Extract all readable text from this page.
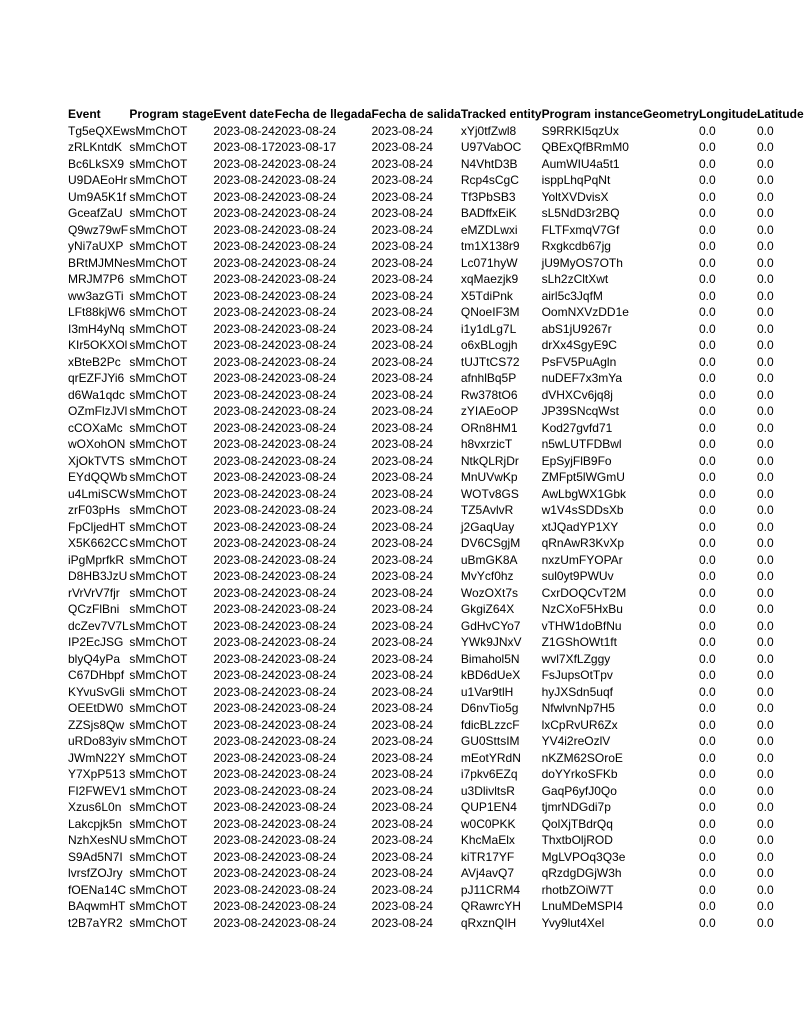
Event	Program stage	Event date	Fecha de llegada	Fecha de salida	Tracked entity	Program instance	Geometry	Longitude	Latitude
Tg5eQXEw	sMmChOT	2023-08-24	2023-08-24	2023-08-24	xYj0tfZwl8	S9RRKI5qzUx		0.0	0.0
zRLKntdK	sMmChOT	2023-08-17	2023-08-17	2023-08-24	U97VabOC	QBExQfBRmM0		0.0	0.0
Bc6LkSX9	sMmChOT	2023-08-24	2023-08-24	2023-08-24	N4VhtD3B	AumWIU4a5t1		0.0	0.0
U9DAEoHr	sMmChOT	2023-08-24	2023-08-24	2023-08-24	Rcp4sCgC	isppLhqPqNt		0.0	0.0
Um9A5K1f	sMmChOT	2023-08-24	2023-08-24	2023-08-24	Tf3PbSB3	YoltXVDvisX		0.0	0.0
GceafZaU	sMmChOT	2023-08-24	2023-08-24	2023-08-24	BADffxEiK	sL5NdD3r2BQ		0.0	0.0
Q9wz79wF	sMmChOT	2023-08-24	2023-08-24	2023-08-24	eMZDLwxi	FLTFxmqV7Gf		0.0	0.0
yNi7aUXP	sMmChOT	2023-08-24	2023-08-24	2023-08-24	tm1X138r9	Rxgkcdb67jg		0.0	0.0
BRtMJMNe	sMmChOT	2023-08-24	2023-08-24	2023-08-24	Lc071hyW	jU9MyOS7OTh		0.0	0.0
MRJM7P6	sMmChOT	2023-08-24	2023-08-24	2023-08-24	xqMaezjk9	sLh2zCltXwt		0.0	0.0
ww3azGTi	sMmChOT	2023-08-24	2023-08-24	2023-08-24	X5TdiPnk	airl5c3JqfM		0.0	0.0
LFt88kjW6	sMmChOT	2023-08-24	2023-08-24	2023-08-24	QNoeIF3M	OomNXVzDD1e		0.0	0.0
I3mH4yNq	sMmChOT	2023-08-24	2023-08-24	2023-08-24	i1y1dLg7L	abS1jU9267r		0.0	0.0
KIr5OKXOl	sMmChOT	2023-08-24	2023-08-24	2023-08-24	o6xBLogjh	drXx4SgyE9C		0.0	0.0
xBteB2Pc	sMmChOT	2023-08-24	2023-08-24	2023-08-24	tUJTtCS72	PsFV5PuAgln		0.0	0.0
qrEZFJYi6	sMmChOT	2023-08-24	2023-08-24	2023-08-24	afnhlBq5P	nuDEF7x3mYa		0.0	0.0
d6Wa1qdc	sMmChOT	2023-08-24	2023-08-24	2023-08-24	Rw378tO6	dVHXCv6jq8j		0.0	0.0
OZmFlzJVl	sMmChOT	2023-08-24	2023-08-24	2023-08-24	zYIAEoOP	JP39SNcqWst		0.0	0.0
cCOXaMc	sMmChOT	2023-08-24	2023-08-24	2023-08-24	ORn8HM1	Kod27gvfd71		0.0	0.0
wOXohON	sMmChOT	2023-08-24	2023-08-24	2023-08-24	h8vxrzicT	n5wLUTFDBwl		0.0	0.0
XjOkTVTS	sMmChOT	2023-08-24	2023-08-24	2023-08-24	NtkQLRjDr	EpSyjFlB9Fo		0.0	0.0
EYdQQWb	sMmChOT	2023-08-24	2023-08-24	2023-08-24	MnUVwKp	ZMFpt5lWGmU		0.0	0.0
u4LmiSCW	sMmChOT	2023-08-24	2023-08-24	2023-08-24	WOTv8GS	AwLbgWX1Gbk		0.0	0.0
zrF03pHs	sMmChOT	2023-08-24	2023-08-24	2023-08-24	TZ5AvlvR	w1V4sSDDsXb		0.0	0.0
FpCljedHT	sMmChOT	2023-08-24	2023-08-24	2023-08-24	j2GaqUay	xtJQadYP1XY		0.0	0.0
X5K662CC	sMmChOT	2023-08-24	2023-08-24	2023-08-24	DV6CSgjM	qRnAwR3KvXp		0.0	0.0
iPgMprfkR	sMmChOT	2023-08-24	2023-08-24	2023-08-24	uBmGK8A	nxzUmFYOPAr		0.0	0.0
D8HB3JzU	sMmChOT	2023-08-24	2023-08-24	2023-08-24	MvYcf0hz	sul0yt9PWUv		0.0	0.0
rVrVrV7fjr	sMmChOT	2023-08-24	2023-08-24	2023-08-24	WozOXt7s	CxrDOQCvT2M		0.0	0.0
QCzFlBni	sMmChOT	2023-08-24	2023-08-24	2023-08-24	GkgiZ64X	NzCXoF5HxBu		0.0	0.0
dcZev7V7L	sMmChOT	2023-08-24	2023-08-24	2023-08-24	GdHvCYo7	vTHW1doBfNu		0.0	0.0
IP2EcJSG	sMmChOT	2023-08-24	2023-08-24	2023-08-24	YWk9JNxV	Z1GShOWt1ft		0.0	0.0
blyQ4yPa	sMmChOT	2023-08-24	2023-08-24	2023-08-24	Bimahol5N	wvl7XfLZggy		0.0	0.0
C67DHbpf	sMmChOT	2023-08-24	2023-08-24	2023-08-24	kBD6dUeX	FsJupsOtTpv		0.0	0.0
KYvuSvGli	sMmChOT	2023-08-24	2023-08-24	2023-08-24	u1Var9tlH	hyJXSdn5uqf		0.0	0.0
OEEtDW0	sMmChOT	2023-08-24	2023-08-24	2023-08-24	D6nvTio5g	NfwlvnNp7H5		0.0	0.0
ZZSjs8Qw	sMmChOT	2023-08-24	2023-08-24	2023-08-24	fdicBLzzcF	lxCpRvUR6Zx		0.0	0.0
uRDo83yiv	sMmChOT	2023-08-24	2023-08-24	2023-08-24	GU0SttsIM	YV4i2reOzlV		0.0	0.0
JWmN22Y	sMmChOT	2023-08-24	2023-08-24	2023-08-24	mEotYRdN	nKZM62SOroE		0.0	0.0
Y7XpP513	sMmChOT	2023-08-24	2023-08-24	2023-08-24	i7pkv6EZq	doYYrkoSFKb		0.0	0.0
FI2FWEV1	sMmChOT	2023-08-24	2023-08-24	2023-08-24	u3DlivltsR	GaqP6yfJ0Qo		0.0	0.0
Xzus6L0n	sMmChOT	2023-08-24	2023-08-24	2023-08-24	QUP1EN4	tjmrNDGdi7p		0.0	0.0
Lakcpjk5n	sMmChOT	2023-08-24	2023-08-24	2023-08-24	w0C0PKK	QolXjTBdrQq		0.0	0.0
NzhXesNU	sMmChOT	2023-08-24	2023-08-24	2023-08-24	KhcMaElx	ThxtbOljROD		0.0	0.0
S9Ad5N7I	sMmChOT	2023-08-24	2023-08-24	2023-08-24	kiTR17YF	MgLVPOq3Q3e		0.0	0.0
lvrsfZOJry	sMmChOT	2023-08-24	2023-08-24	2023-08-24	AVj4avQ7	qRzdgDGjW3h		0.0	0.0
fOENa14C	sMmChOT	2023-08-24	2023-08-24	2023-08-24	pJ11CRM4	rhotbZOiW7T		0.0	0.0
BAqwmHT	sMmChOT	2023-08-24	2023-08-24	2023-08-24	QRawrcYH	LnuMDeMSPI4		0.0	0.0
t2B7aYR2	sMmChOT	2023-08-24	2023-08-24	2023-08-24	qRxznQIH	Yvy9lut4Xel		0.0	0.0
